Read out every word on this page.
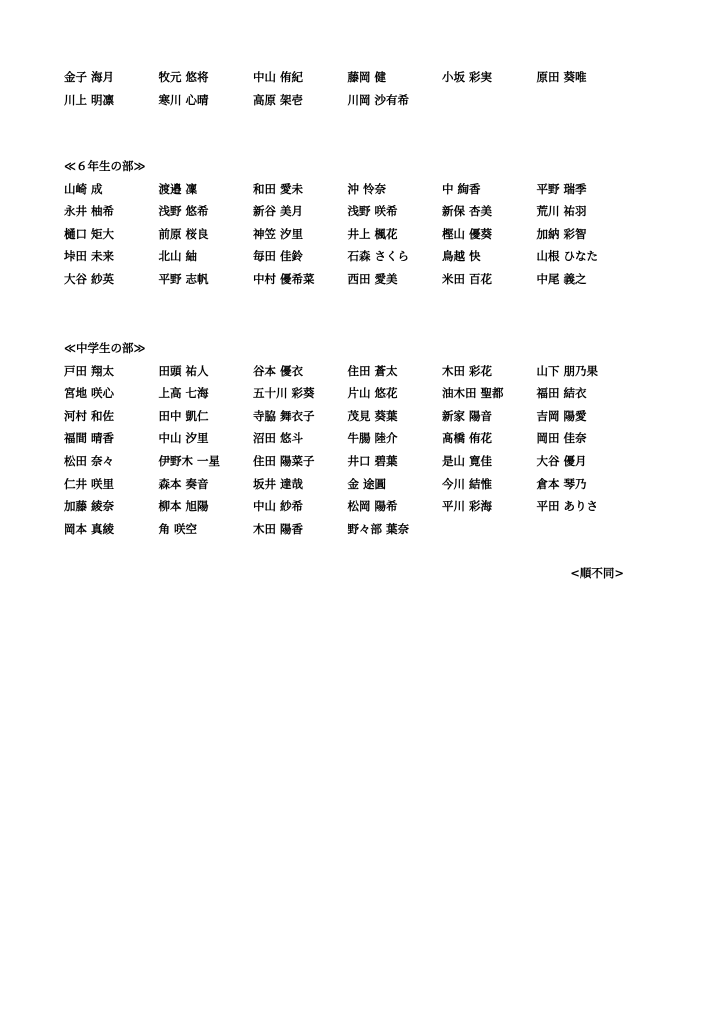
金子 海月	牧元 悠将	中山 侑紀	藤岡 健	小坂 彩実	原田 葵唯
川上 明凛	寒川 心晴	高原 架壱	川岡 沙有希
≪６年生の部≫
山崎 成	渡邉 凜	和田 愛未	沖 怜奈	中 絢香	平野 瑞季
永井 柚希	浅野 悠希	新谷 美月	浅野 咲希	新保 杏美	荒川 祐羽
樋口 矩大	前原 桜良	神笠 汐里	井上 楓花	樫山 優葵	加納 彩智
垰田 未来	北山 紬	毎田 佳鈴	石森 さくら	鳥越 快	山根 ひなた
大谷 紗英	平野 志帆	中村 優希菜	西田 愛美	米田 百花	中尾 義之
≪中学生の部≫
戸田 翔太	田頭 祐人	谷本 優衣	住田 蒼太	木田 彩花	山下 朋乃果
宮地 咲心	上高 七海	五十川 彩葵	片山 悠花	油木田 聖都	福田 結衣
河村 和佐	田中 凱仁	寺脇 舞衣子	茂見 葵葉	新家 陽音	吉岡 陽愛
福間 晴香	中山 汐里	沼田 悠斗	牛腸 陸介	髙橋 侑花	岡田 佳奈
松田 奈々	伊野木 一星	住田 陽菜子	井口 碧葉	是山 寛佳	大谷 優月
仁井 咲里	森本 奏音	坂井 達哉	金 途圓	今川 結惟	倉本 琴乃
加藤 綾奈	柳本 旭陽	中山 紗希	松岡 陽希	平川 彩海	平田 ありさ
岡本 真綾	角 咲空	木田 陽香	野々部 葉奈
<順不同>
